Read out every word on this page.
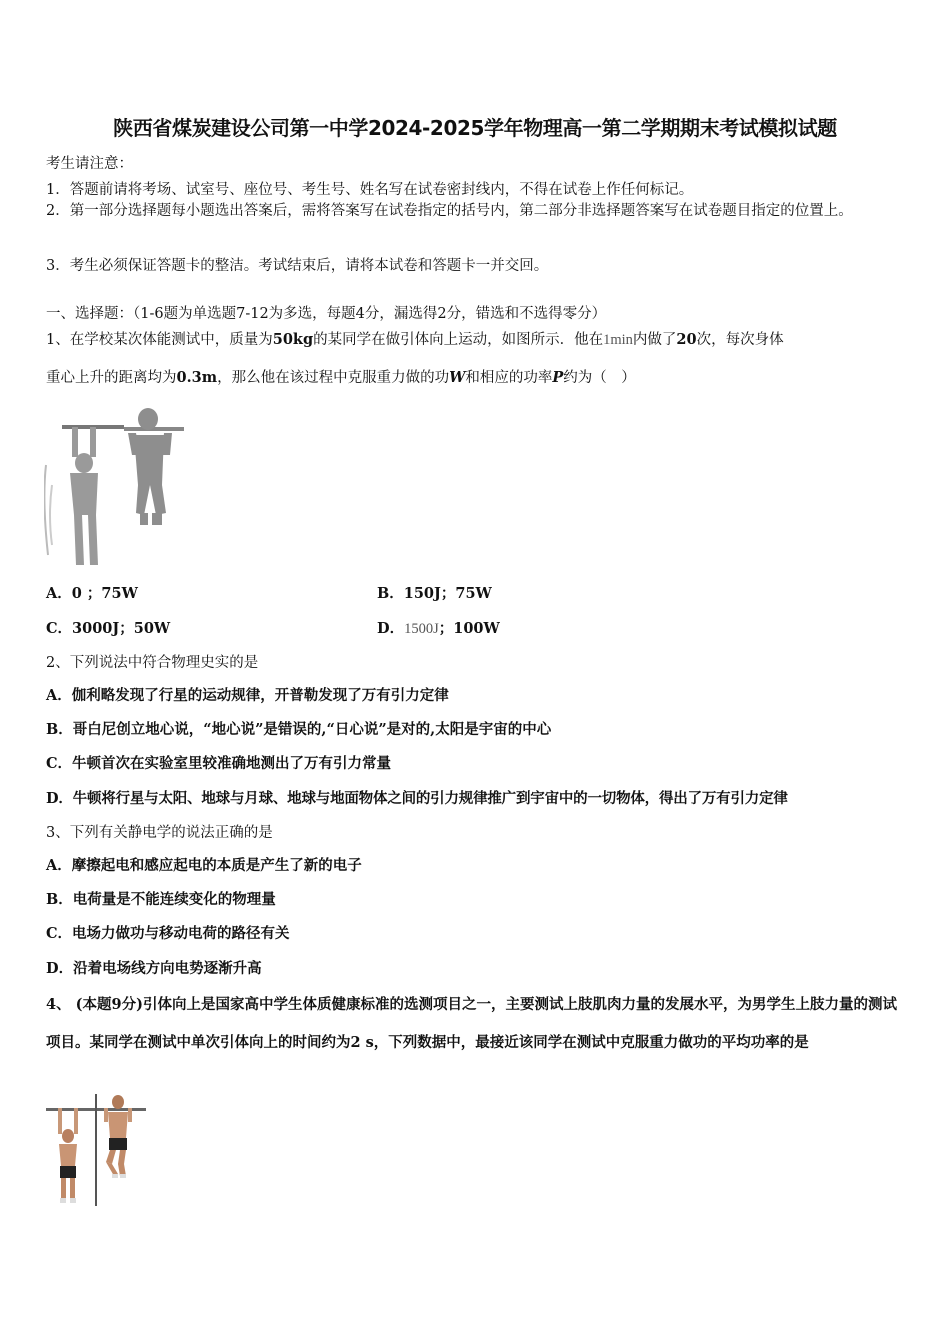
陕西省煤炭建设公司第一中学2024-2025学年物理高一第二学期期末考试模拟试题
考生请注意：
1．答题前请将考场、试室号、座位号、考生号、姓名写在试卷密封线内，不得在试卷上作任何标记。
2．第一部分选择题每小题选出答案后，需将答案写在试卷指定的括号内，第二部分非选择题答案写在试卷题目指定的位置上。
3．考生必须保证答题卡的整洁。考试结束后，请将本试卷和答题卡一并交回。
一、选择题：（1-6题为单选题7-12为多选，每题4分，漏选得2分，错选和不选得零分）
1、在学校某次体能测试中，质量为50kg的某同学在做引体向上运动，如图所示．他在1min内做了20次，每次身体
重心上升的距离均为0.3m，那么他在该过程中克服重力做的功W和相应的功率P约为（　）
A．0 ；75W	B．150J；75W
C．3000J；50W	D．1500J；100W
2、下列说法中符合物理史实的是
A．伽利略发现了行星的运动规律，开普勒发现了万有引力定律
B．哥白尼创立地心说，“地心说”是错误的,“日心说”是对的,太阳是宇宙的中心
C．牛顿首次在实验室里较准确地测出了万有引力常量
D．牛顿将行星与太阳、地球与月球、地球与地面物体之间的引力规律推广到宇宙中的一切物体，得出了万有引力定律
3、下列有关静电学的说法正确的是
A．摩擦起电和感应起电的本质是产生了新的电子
B．电荷量是不能连续变化的物理量
C．电场力做功与移动电荷的路径有关
D．沿着电场线方向电势逐渐升高
4、 (本题9分)引体向上是国家高中学生体质健康标准的选测项目之一，主要测试上肢肌肉力量的发展水平，为男学生上肢力量的测试项目。某同学在测试中单次引体向上的时间约为2 s，下列数据中，最接近该同学在测试中克服重力做功的平均功率的是
